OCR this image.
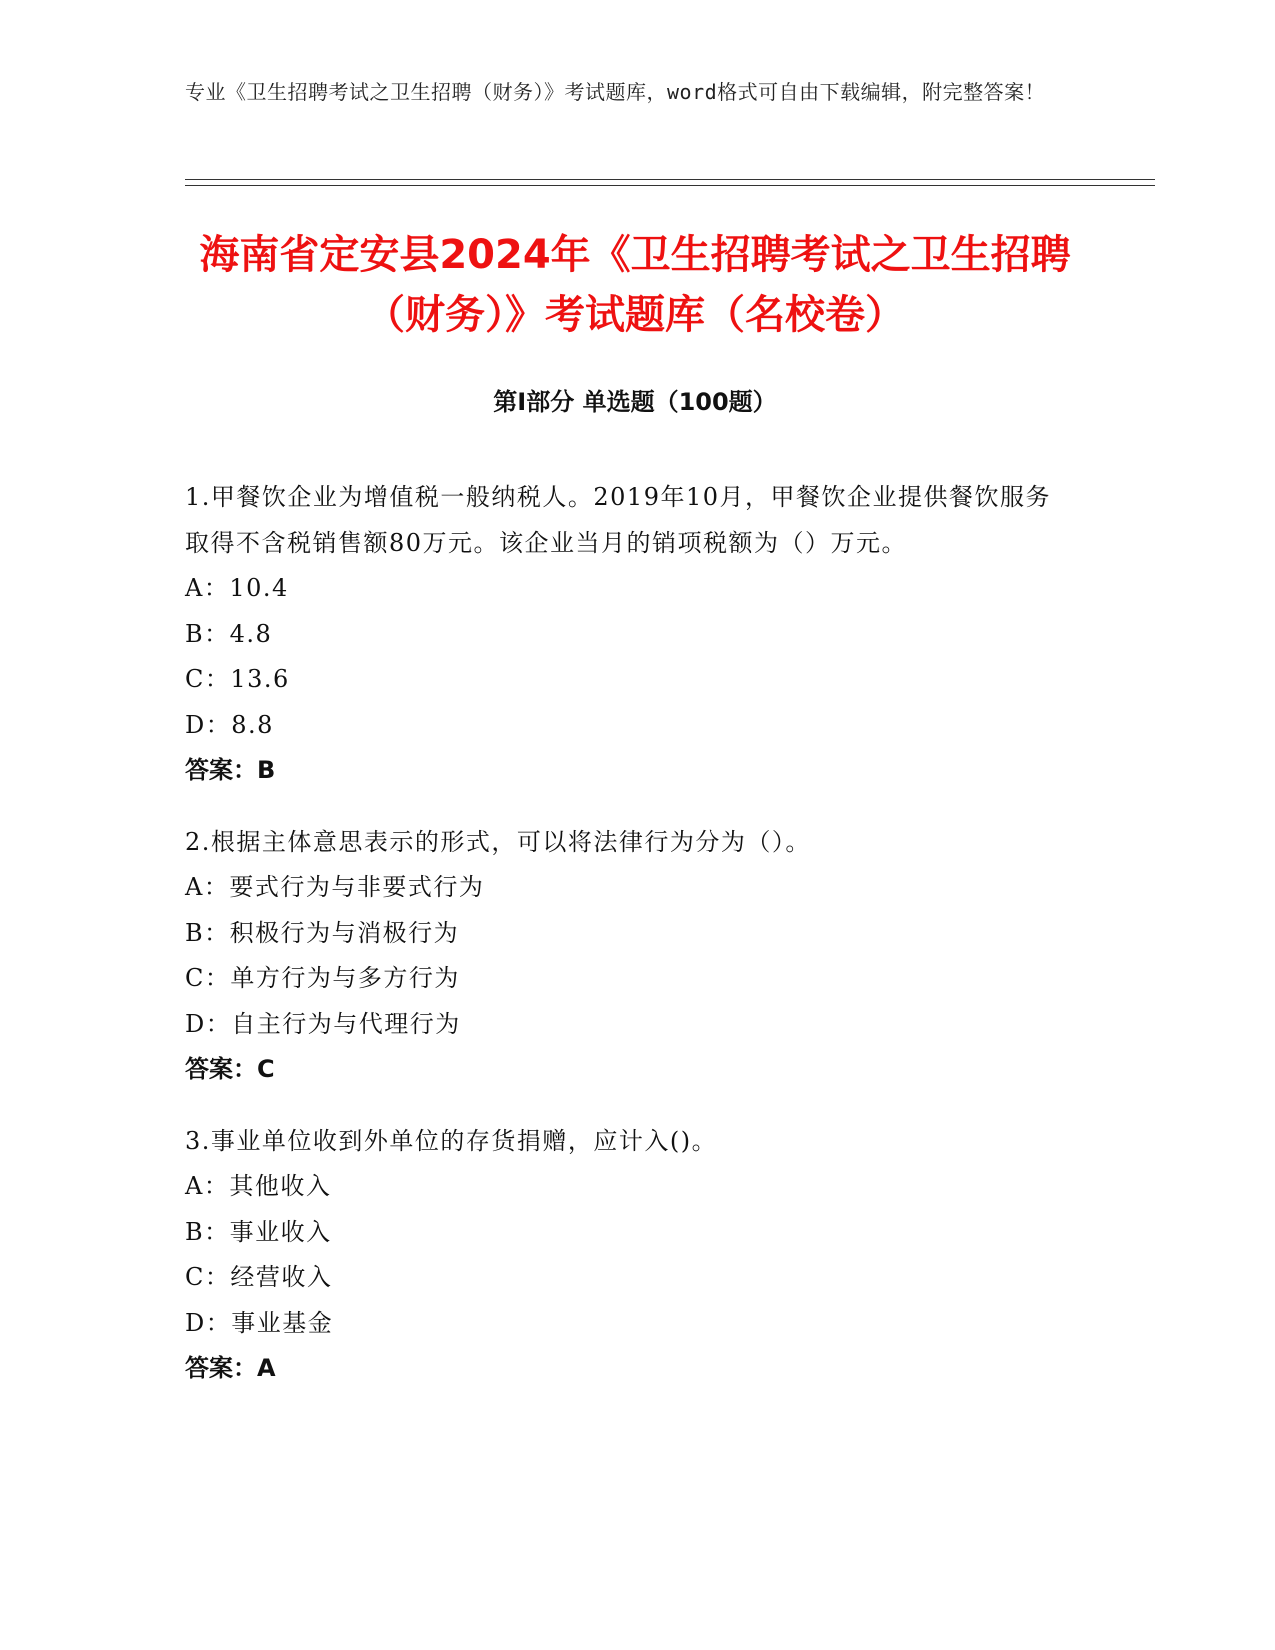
专业《卫生招聘考试之卫生招聘（财务）》考试题库，word格式可自由下载编辑，附完整答案！
海南省定安县2024年《卫生招聘考试之卫生招聘（财务）》考试题库（名校卷）
第Ⅰ部分 单选题（100题）

1.甲餐饮企业为增值税一般纳税人。2019年10月，甲餐饮企业提供餐饮服务取得不含税销售额80万元。该企业当月的销项税额为（）万元。

A：10.4

B：4.8

C：13.6

D：8.8

答案：B

2.根据主体意思表示的形式，可以将法律行为分为（）。

A：要式行为与非要式行为

B：积极行为与消极行为

C：单方行为与多方行为

D：自主行为与代理行为

答案：C

3.事业单位收到外单位的存货捐赠，应计入()。

A：其他收入

B：事业收入

C：经营收入

D：事业基金

答案：A
